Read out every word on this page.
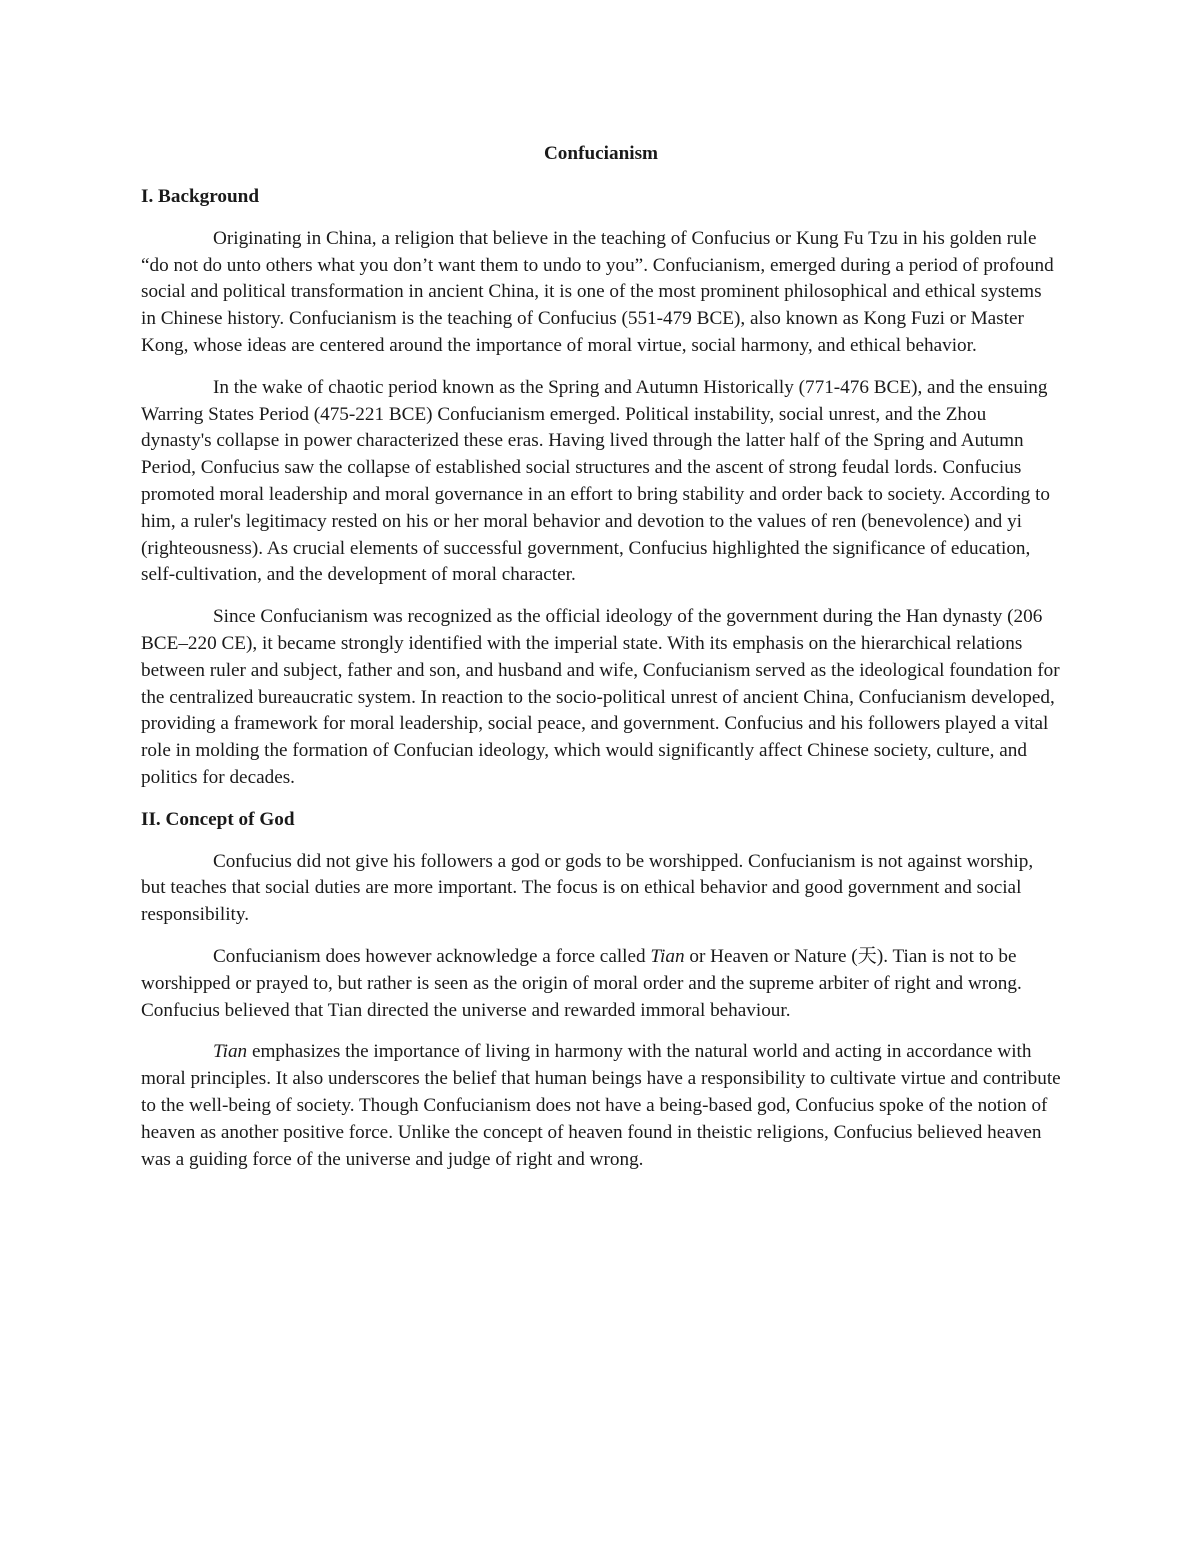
Confucianism
I. Background

Originating in China, a religion that believe in the teaching of Confucius or Kung Fu Tzu in his golden rule “do not do unto others what you don’t want them to undo to you”. Confucianism, emerged during a period of profound social and political transformation in ancient China, it is one of the most prominent philosophical and ethical systems in Chinese history. Confucianism is the teaching of Confucius (551-479 BCE), also known as Kong Fuzi or Master Kong, whose ideas are centered around the importance of moral virtue, social harmony, and ethical behavior.

In the wake of chaotic period known as the Spring and Autumn Historically (771-476 BCE), and the ensuing Warring States Period (475-221 BCE) Confucianism emerged. Political instability, social unrest, and the Zhou dynasty's collapse in power characterized these eras. Having lived through the latter half of the Spring and Autumn Period, Confucius saw the collapse of established social structures and the ascent of strong feudal lords. Confucius promoted moral leadership and moral governance in an effort to bring stability and order back to society. According to him, a ruler's legitimacy rested on his or her moral behavior and devotion to the values of ren (benevolence) and yi (righteousness). As crucial elements of successful government, Confucius highlighted the significance of education, self-cultivation, and the development of moral character.

Since Confucianism was recognized as the official ideology of the government during the Han dynasty (206 BCE–220 CE), it became strongly identified with the imperial state. With its emphasis on the hierarchical relations between ruler and subject, father and son, and husband and wife, Confucianism served as the ideological foundation for the centralized bureaucratic system. In reaction to the socio-political unrest of ancient China, Confucianism developed, providing a framework for moral leadership, social peace, and government. Confucius and his followers played a vital role in molding the formation of Confucian ideology, which would significantly affect Chinese society, culture, and politics for decades.

II. Concept of God

Confucius did not give his followers a god or gods to be worshipped. Confucianism is not against worship, but teaches that social duties are more important. The focus is on ethical behavior and good government and social responsibility.

Confucianism does however acknowledge a force called Tian or Heaven or Nature (天). Tian is not to be worshipped or prayed to, but rather is seen as the origin of moral order and the supreme arbiter of right and wrong. Confucius believed that Tian directed the universe and rewarded immoral behaviour.

Tian emphasizes the importance of living in harmony with the natural world and acting in accordance with moral principles. It also underscores the belief that human beings have a responsibility to cultivate virtue and contribute to the well-being of society. Though Confucianism does not have a being-based god, Confucius spoke of the notion of heaven as another positive force. Unlike the concept of heaven found in theistic religions, Confucius believed heaven was a guiding force of the universe and judge of right and wrong.
